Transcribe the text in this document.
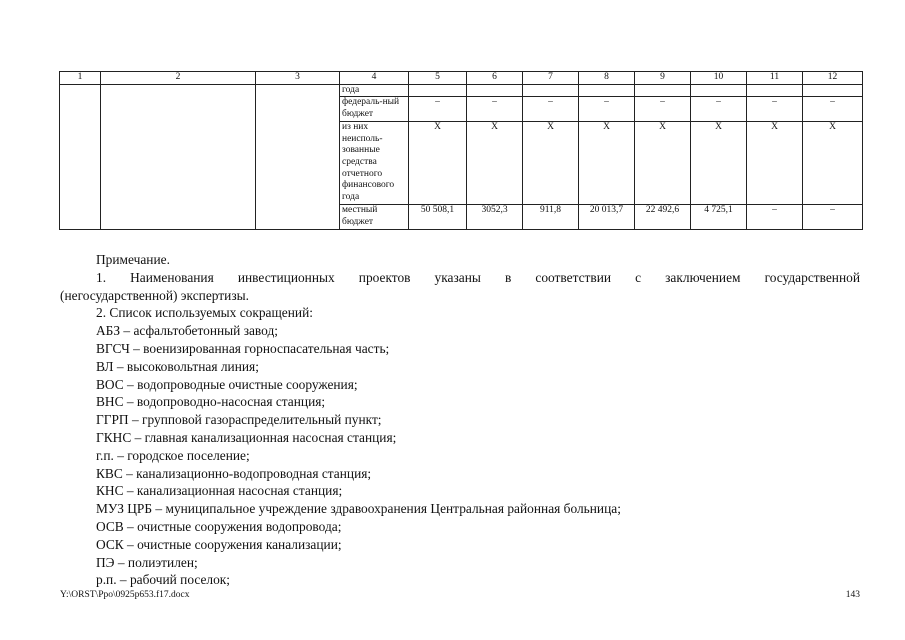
1	2	3	4	5	6	7	8	9	10	11	12
			года								
			федераль-ный бюджет	–	–	–	–	–	–	–	–
			из них неисполь-зованные средства отчетного финансового года	Х	Х	Х	Х	Х	Х	Х	Х
			местный бюджет	50 508,1	3052,3	911,8	20 013,7	22 492,6	4 725,1	–	–

Примечание.

1. Наименования инвестиционных проектов указаны в соответствии с заключением государственной

(негосударственной) экспертизы.

2. Список используемых сокращений:

АБЗ – асфальтобетонный завод;

ВГСЧ – военизированная горноспасательная часть;

ВЛ – высоковольтная линия;

ВОС – водопроводные очистные сооружения;

ВНС – водопроводно-насосная станция;

ГГРП – групповой газораспределительный пункт;

ГКНС – главная канализационная насосная станция;

г.п. – городское поселение;

КВС – канализационно-водопроводная станция;

КНС – канализационная насосная станция;

МУЗ ЦРБ – муниципальное учреждение здравоохранения Центральная районная больница;

ОСВ – очистные сооружения водопровода;

ОСК – очистные сооружения канализации;

ПЭ – полиэтилен;

р.п. – рабочий поселок;

Y:\ORST\Ppo\0925p653.f17.docx	143
